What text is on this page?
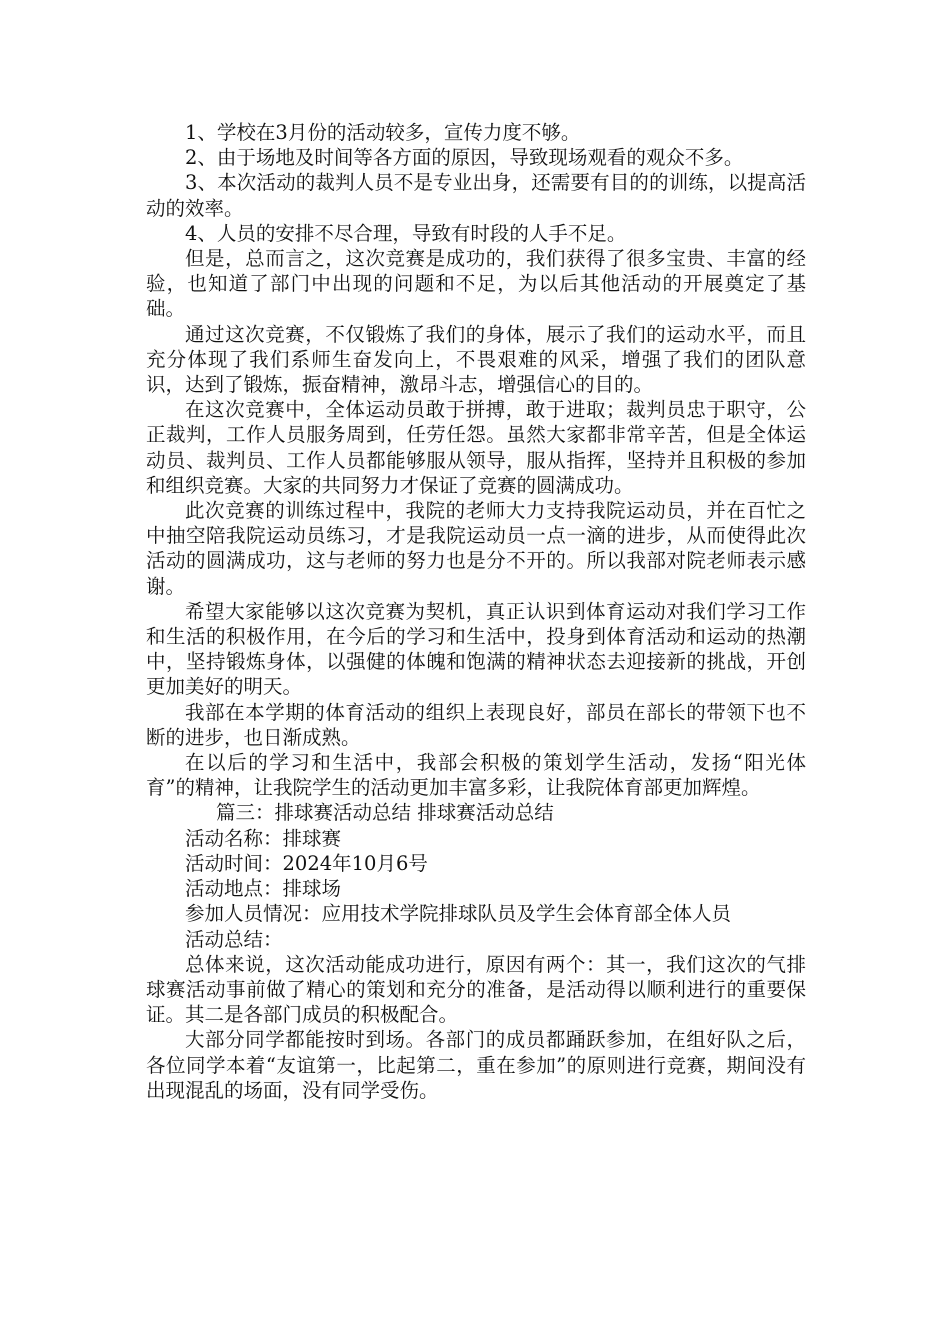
1、学校在3月份的活动较多，宣传力度不够。

2、由于场地及时间等各方面的原因，导致现场观看的观众不多。

3、本次活动的裁判人员不是专业出身，还需要有目的的训练，以提高活动的效率。

4、人员的安排不尽合理，导致有时段的人手不足。

但是，总而言之，这次竞赛是成功的，我们获得了很多宝贵、丰富的经验，也知道了部门中出现的问题和不足，为以后其他活动的开展奠定了基础。

通过这次竞赛，不仅锻炼了我们的身体，展示了我们的运动水平，而且充分体现了我们系师生奋发向上，不畏艰难的风采，增强了我们的团队意识，达到了锻炼，振奋精神，激昂斗志，增强信心的目的。

在这次竞赛中，全体运动员敢于拼搏，敢于进取；裁判员忠于职守，公正裁判，工作人员服务周到，任劳任怨。虽然大家都非常辛苦，但是全体运动员、裁判员、工作人员都能够服从领导，服从指挥，坚持并且积极的参加和组织竞赛。大家的共同努力才保证了竞赛的圆满成功。

此次竞赛的训练过程中，我院的老师大力支持我院运动员，并在百忙之中抽空陪我院运动员练习，才是我院运动员一点一滴的进步，从而使得此次活动的圆满成功，这与老师的努力也是分不开的。所以我部对院老师表示感谢。

希望大家能够以这次竞赛为契机，真正认识到体育运动对我们学习工作和生活的积极作用，在今后的学习和生活中，投身到体育活动和运动的热潮中，坚持锻炼身体，以强健的体魄和饱满的精神状态去迎接新的挑战，开创更加美好的明天。

我部在本学期的体育活动的组织上表现良好，部员在部长的带领下也不断的进步，也日渐成熟。

在以后的学习和生活中，我部会积极的策划学生活动，发扬“阳光体育”的精神，让我院学生的活动更加丰富多彩，让我院体育部更加辉煌。

篇三：排球赛活动总结 排球赛活动总结

活动名称：排球赛

活动时间：2024年10月6号

活动地点：排球场

参加人员情况：应用技术学院排球队员及学生会体育部全体人员

活动总结：

总体来说，这次活动能成功进行，原因有两个：其一，我们这次的气排球赛活动事前做了精心的策划和充分的准备，是活动得以顺利进行的重要保证。其二是各部门成员的积极配合。

大部分同学都能按时到场。各部门的成员都踊跃参加，在组好队之后，各位同学本着“友谊第一，比起第二，重在参加”的原则进行竞赛，期间没有出现混乱的场面，没有同学受伤。
